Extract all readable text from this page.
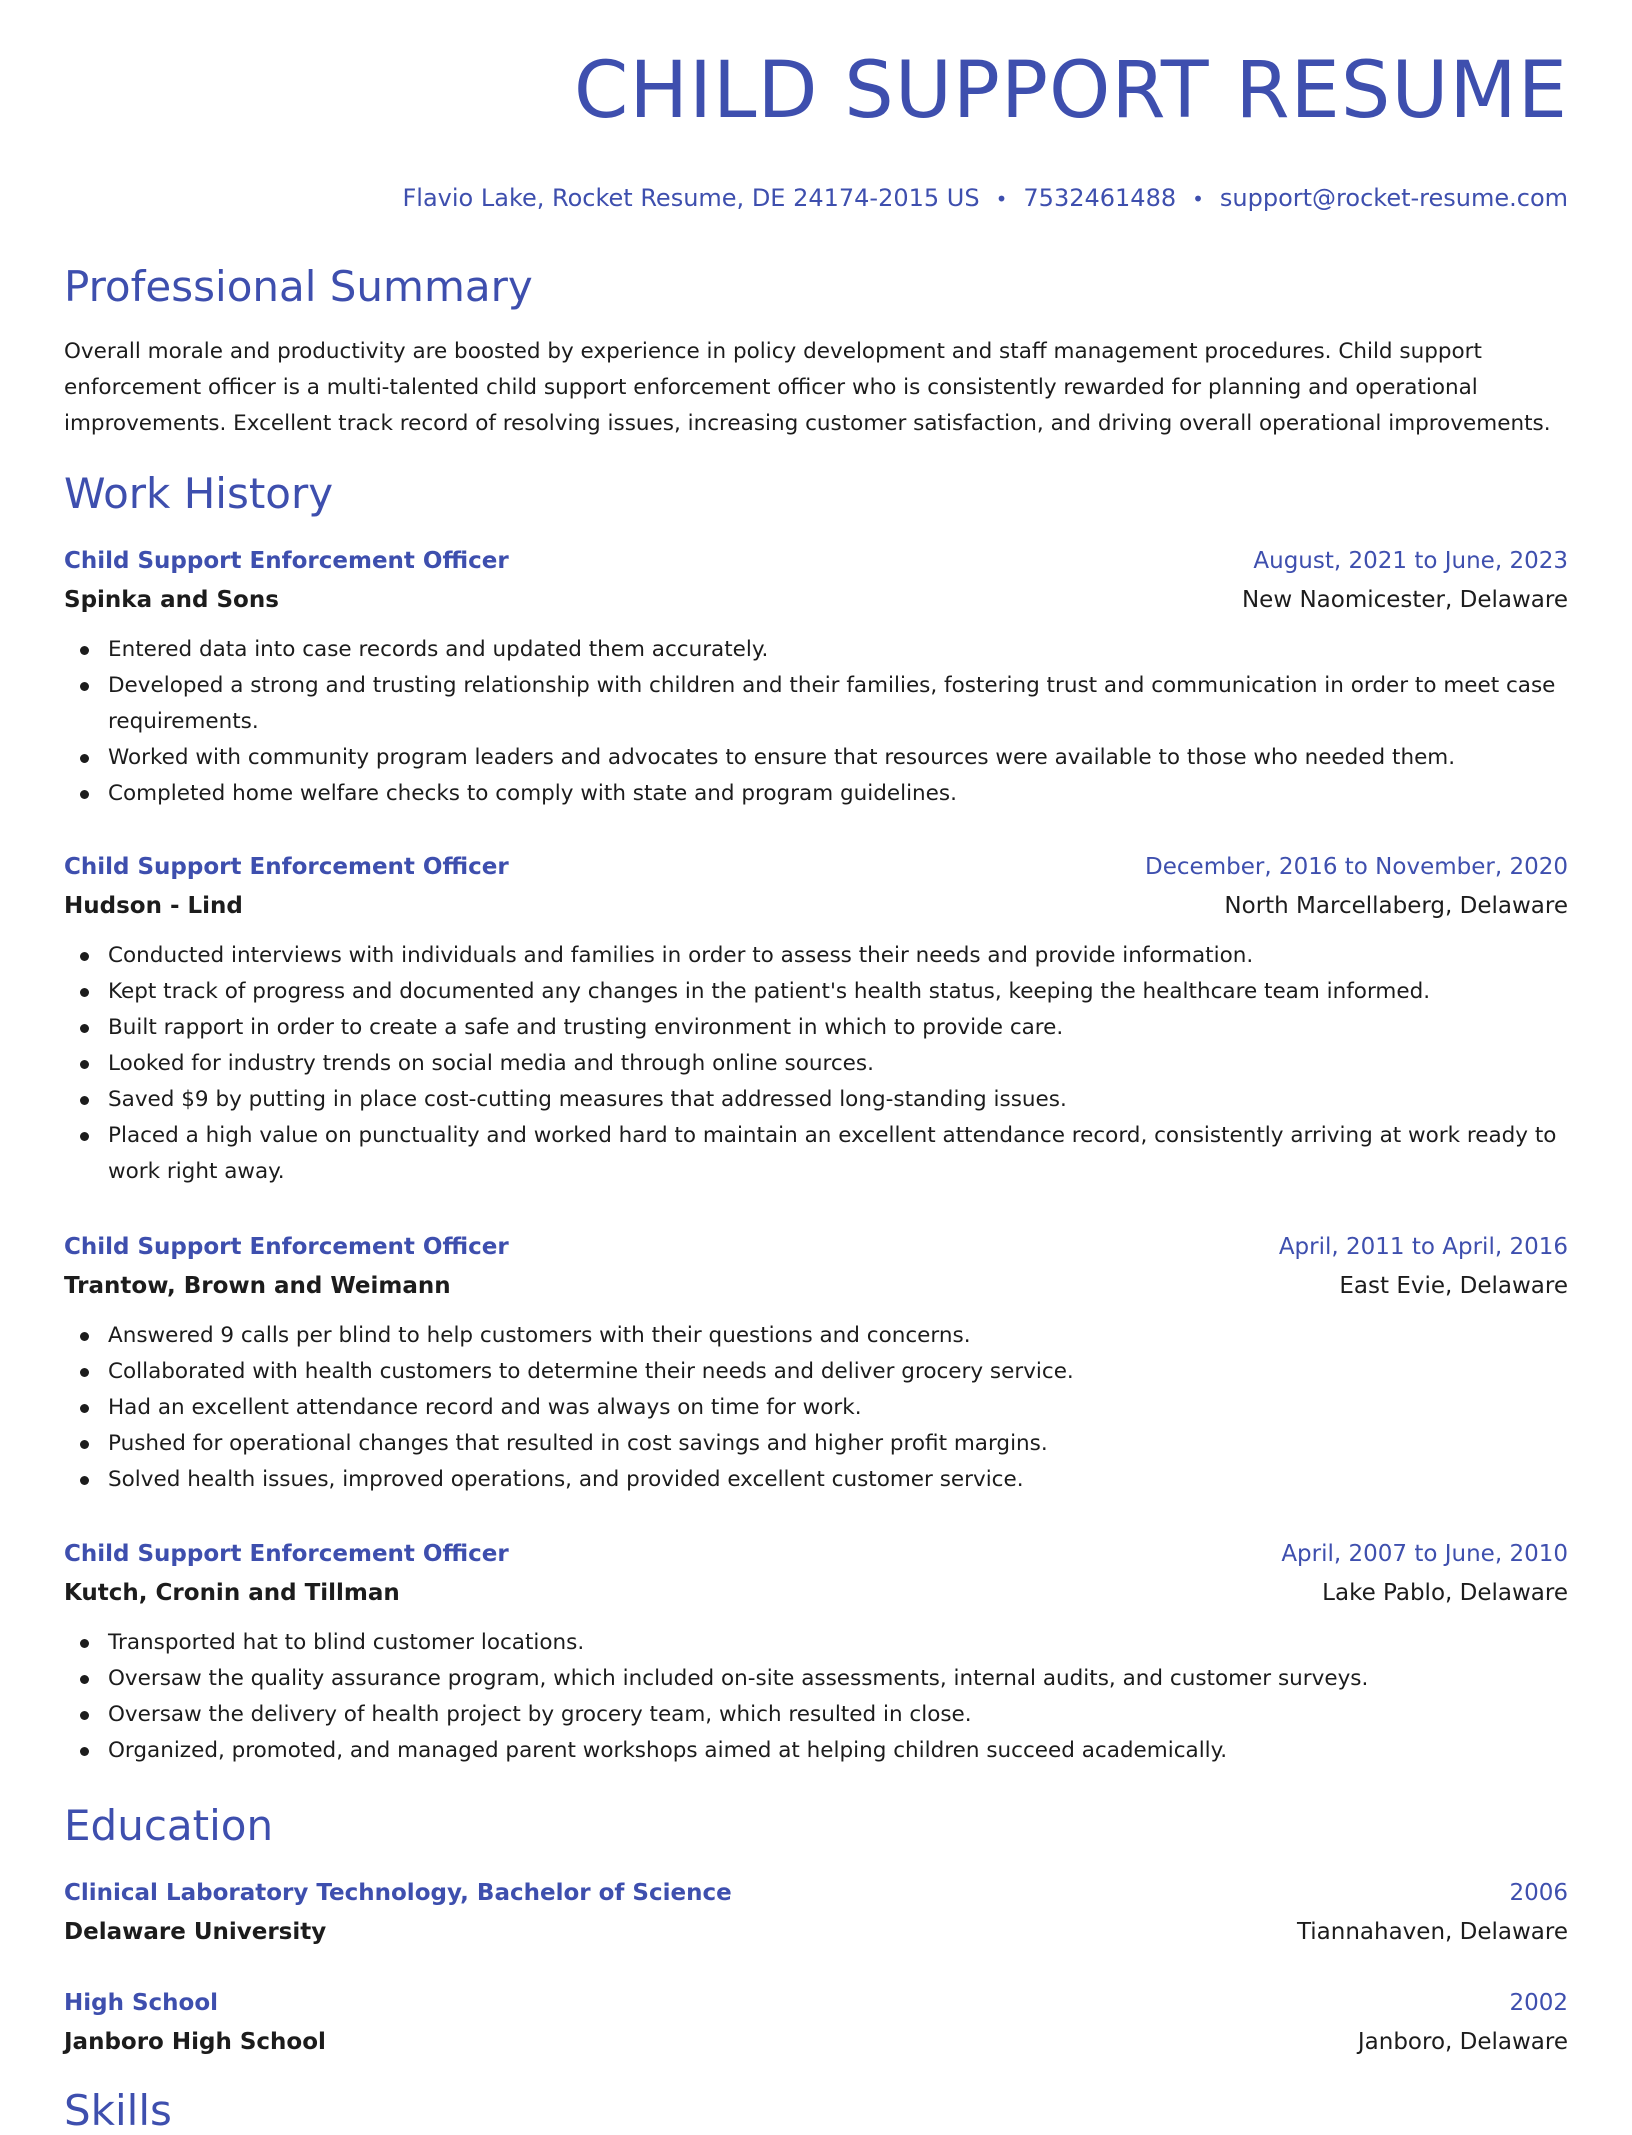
CHILD SUPPORT RESUME
Flavio Lake, Rocket Resume, DE 24174-2015 US • 7532461488 • support@rocket-resume.com
Professional Summary
Overall morale and productivity are boosted by experience in policy development and staff management procedures. Child support enforcement officer is a multi-talented child support enforcement officer who is consistently rewarded for planning and operational improvements. Excellent track record of resolving issues, increasing customer satisfaction, and driving overall operational improvements.
Work History
Child Support Enforcement Officer	August, 2021 to June, 2023
Spinka and Sons	New Naomicester, Delaware
Entered data into case records and updated them accurately.
Developed a strong and trusting relationship with children and their families, fostering trust and communication in order to meet case requirements.
Worked with community program leaders and advocates to ensure that resources were available to those who needed them.
Completed home welfare checks to comply with state and program guidelines.
Child Support Enforcement Officer	December, 2016 to November, 2020
Hudson - Lind	North Marcellaberg, Delaware
Conducted interviews with individuals and families in order to assess their needs and provide information.
Kept track of progress and documented any changes in the patient's health status, keeping the healthcare team informed.
Built rapport in order to create a safe and trusting environment in which to provide care.
Looked for industry trends on social media and through online sources.
Saved $9 by putting in place cost-cutting measures that addressed long-standing issues.
Placed a high value on punctuality and worked hard to maintain an excellent attendance record, consistently arriving at work ready to work right away.
Child Support Enforcement Officer	April, 2011 to April, 2016
Trantow, Brown and Weimann	East Evie, Delaware
Answered 9 calls per blind to help customers with their questions and concerns.
Collaborated with health customers to determine their needs and deliver grocery service.
Had an excellent attendance record and was always on time for work.
Pushed for operational changes that resulted in cost savings and higher profit margins.
Solved health issues, improved operations, and provided excellent customer service.
Child Support Enforcement Officer	April, 2007 to June, 2010
Kutch, Cronin and Tillman	Lake Pablo, Delaware
Transported hat to blind customer locations.
Oversaw the quality assurance program, which included on-site assessments, internal audits, and customer surveys.
Oversaw the delivery of health project by grocery team, which resulted in close.
Organized, promoted, and managed parent workshops aimed at helping children succeed academically.
Education
Clinical Laboratory Technology, Bachelor of Science	2006
Delaware University	Tiannahaven, Delaware
High School	2002
Janboro High School	Janboro, Delaware
Skills
